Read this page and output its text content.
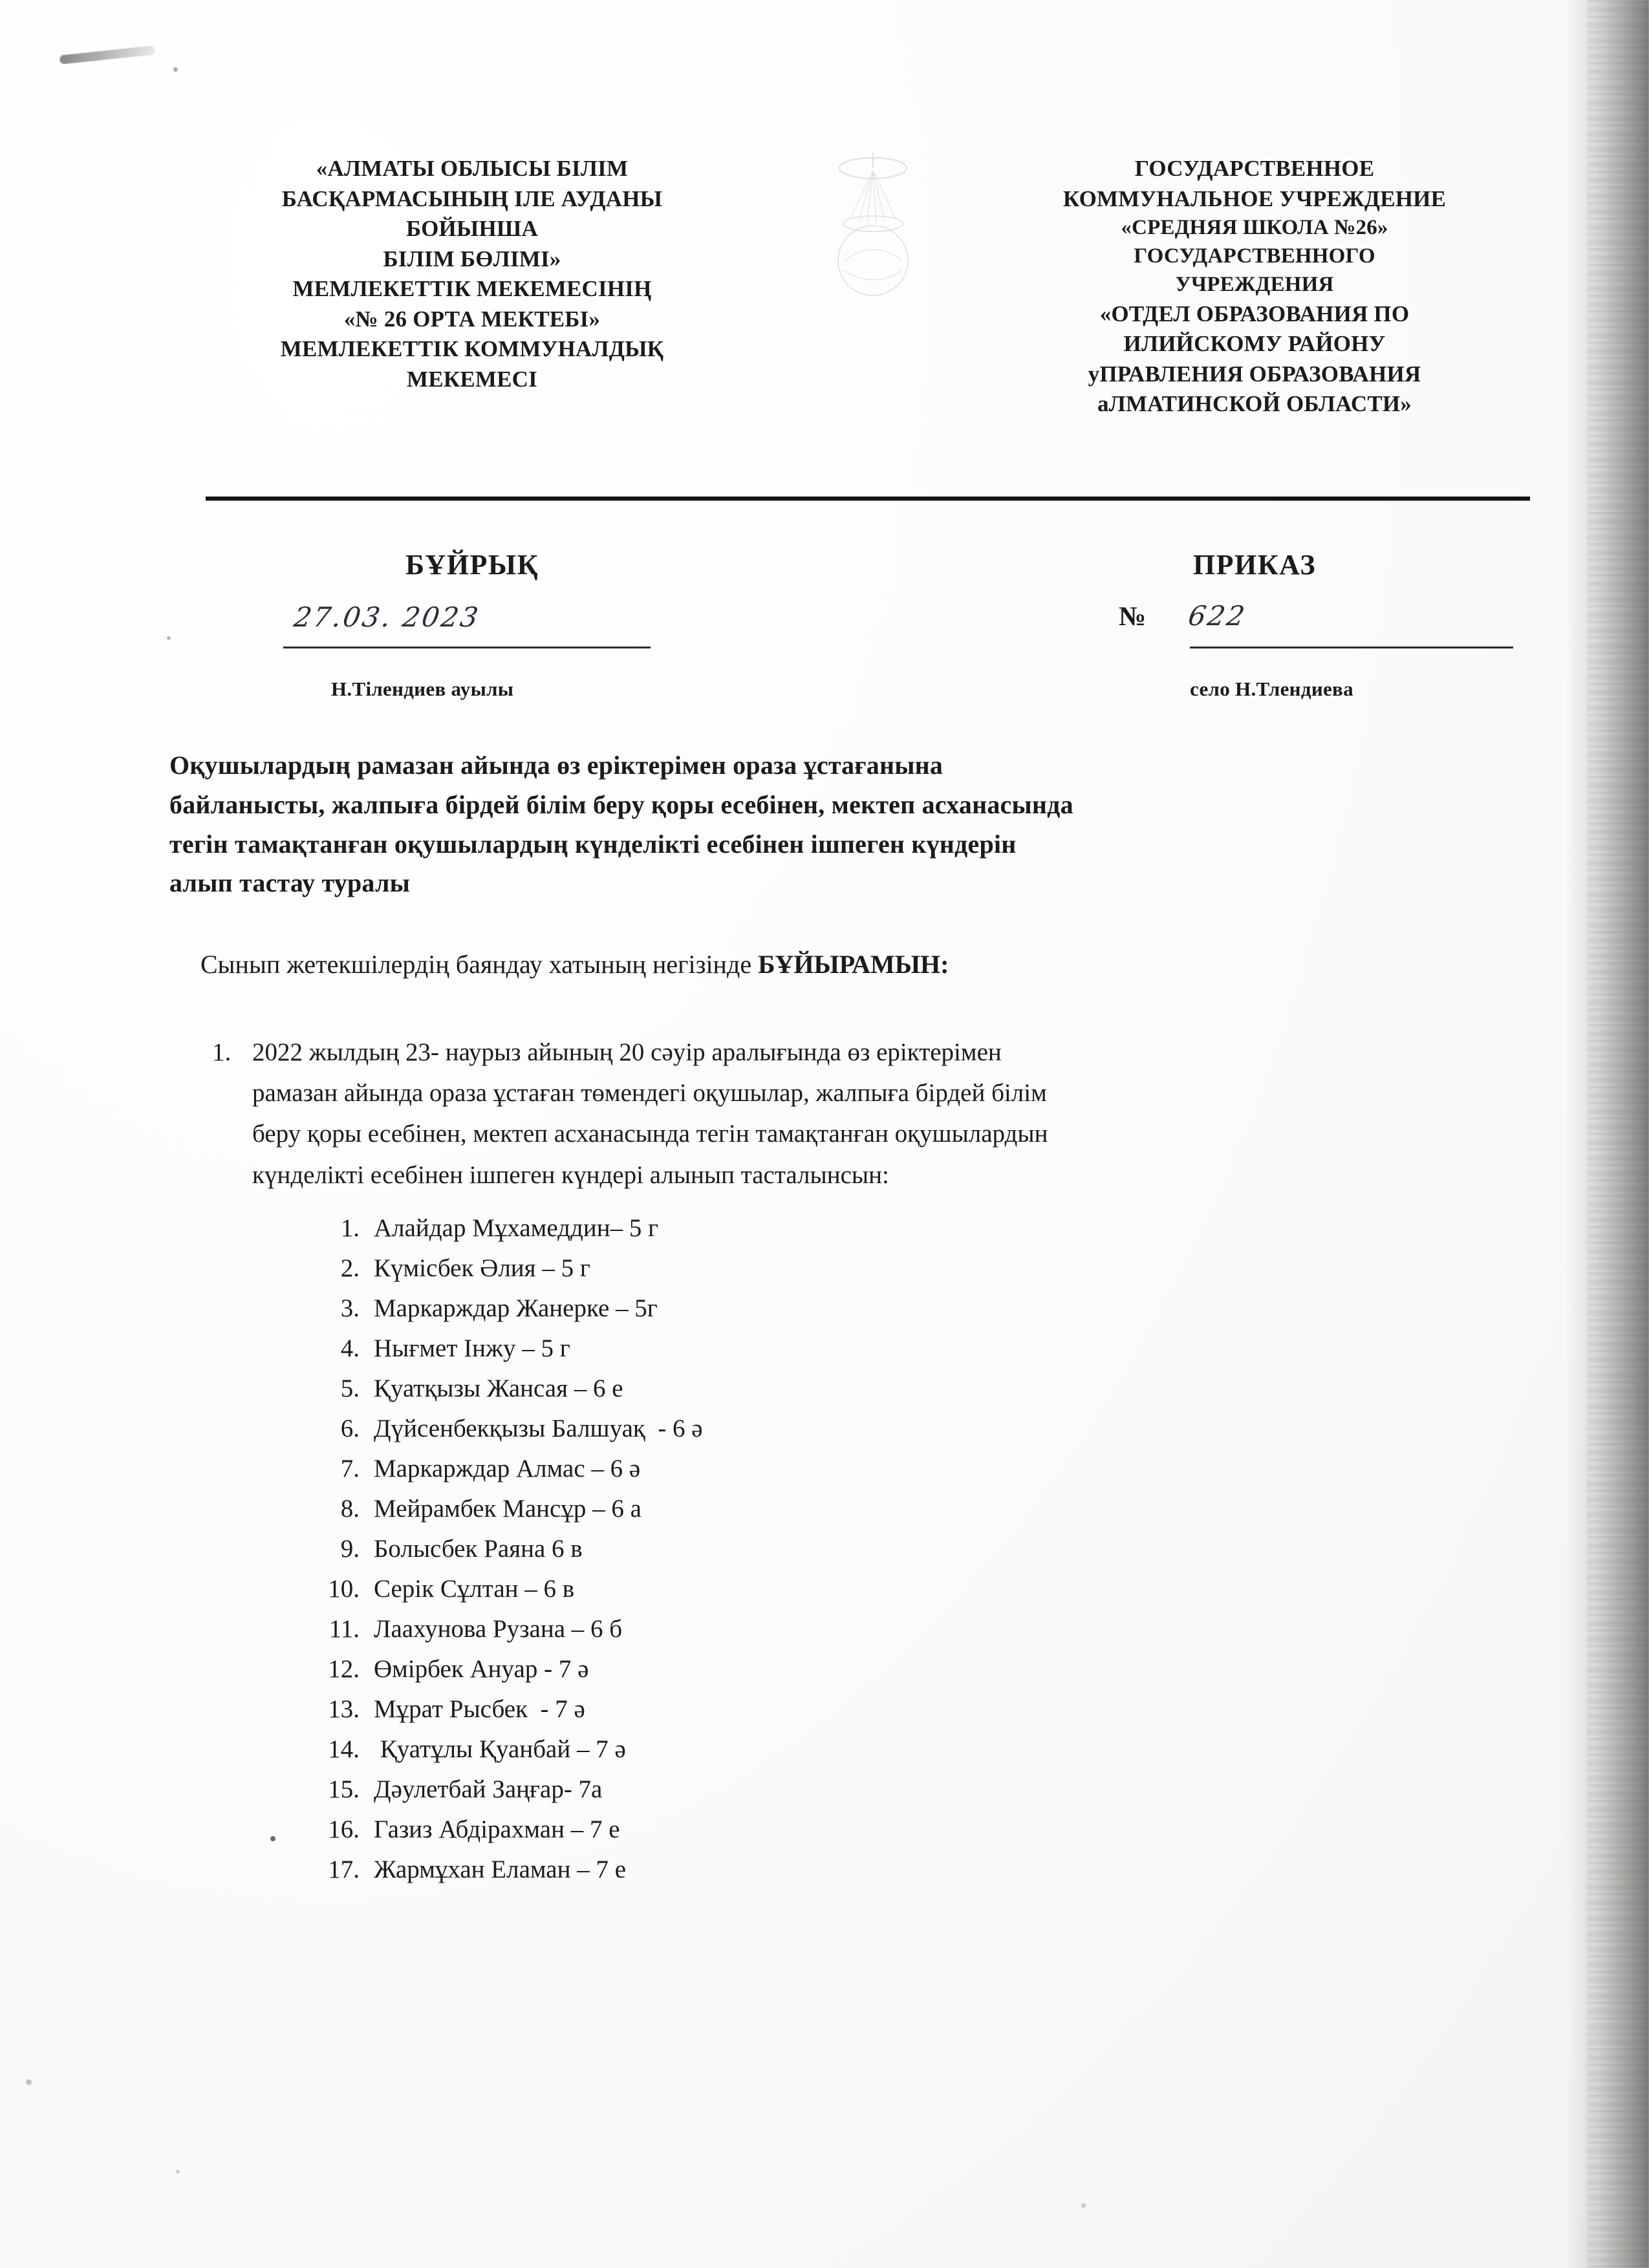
«АЛМАТЫ ОБЛЫСЫ БІЛІМ
БАСҚАРМАСЫНЫҢ ІЛЕ АУДАНЫ
БОЙЫНША
БІЛІМ БӨЛІМІ»
МЕМЛЕКЕТТІК МЕКЕМЕСІНІҢ
«№ 26 ОРТА МЕКТЕБІ»
МЕМЛЕКЕТТІК КОММУНАЛДЫҚ
МЕКЕМЕСІ
ГОСУДАРСТВЕННОЕ
КОММУНАЛЬНОЕ УЧРЕЖДЕНИЕ
«СРЕДНЯЯ ШКОЛА №26»
ГОСУДАРСТВЕННОГО
УЧРЕЖДЕНИЯ
«ОТДЕЛ ОБРАЗОВАНИЯ ПО
ИЛИЙСКОМУ РАЙОНУ
уПРАВЛЕНИЯ ОБРАЗОВАНИЯ
аЛМАТИНСКОЙ ОБЛАСТИ»
БҰЙРЫҚ	ПРИКАЗ
27.03. 2023	№ 622
Н.Тілендиев ауылы	село Н.Тлендиева
Оқушылардың рамазан айында өз еріктерімен ораза ұстағанына
байланысты, жалпыға бірдей білім беру қоры есебінен, мектеп асханасында
тегін тамақтанған оқушылардың күнделікті есебінен ішпеген күндерін
алып тастау туралы
Сынып жетекшілердің баяндау хатының негізінде БҰЙЫРАМЫН:
1. 2022 жылдың 23- наурыз айының 20 сәуір аралығында өз еріктерімен
рамазан айында ораза ұстаған төмендегі оқушылар, жалпыға бірдей білім
беру қоры есебінен, мектеп асханасында тегін тамақтанған оқушылардын
күнделікті есебінен ішпеген күндері алынып тасталынсын:
1. Алайдар Мұхамеддин– 5 г
2. Күмісбек Әлия – 5 г
3. Маркаржда​р Жанерке – 5г
4. Нығмет Інжу – 5 г
5. Қуатқызы Жансая – 6 е
6. Дүйсенбекқызы Балшуақ  - 6 ә
7. Маркаржда​р Алмас – 6 ә
8. Мейрамбек Мансұр – 6 а
9. Болысбек Раяна 6 в
10. Серік Сұлтан – 6 в
11. Лаахунова Рузана – 6 б
12. Өмірбек Ануар - 7 ә
13. Мұрат Рысбек  - 7 ә
14. Қуатұлы Қуанбай – 7 ә
15. Дәулетбай Заңғар- 7а
16. Газиз Абдірахман – 7 е
17. Жармұхан Еламан – 7 е
